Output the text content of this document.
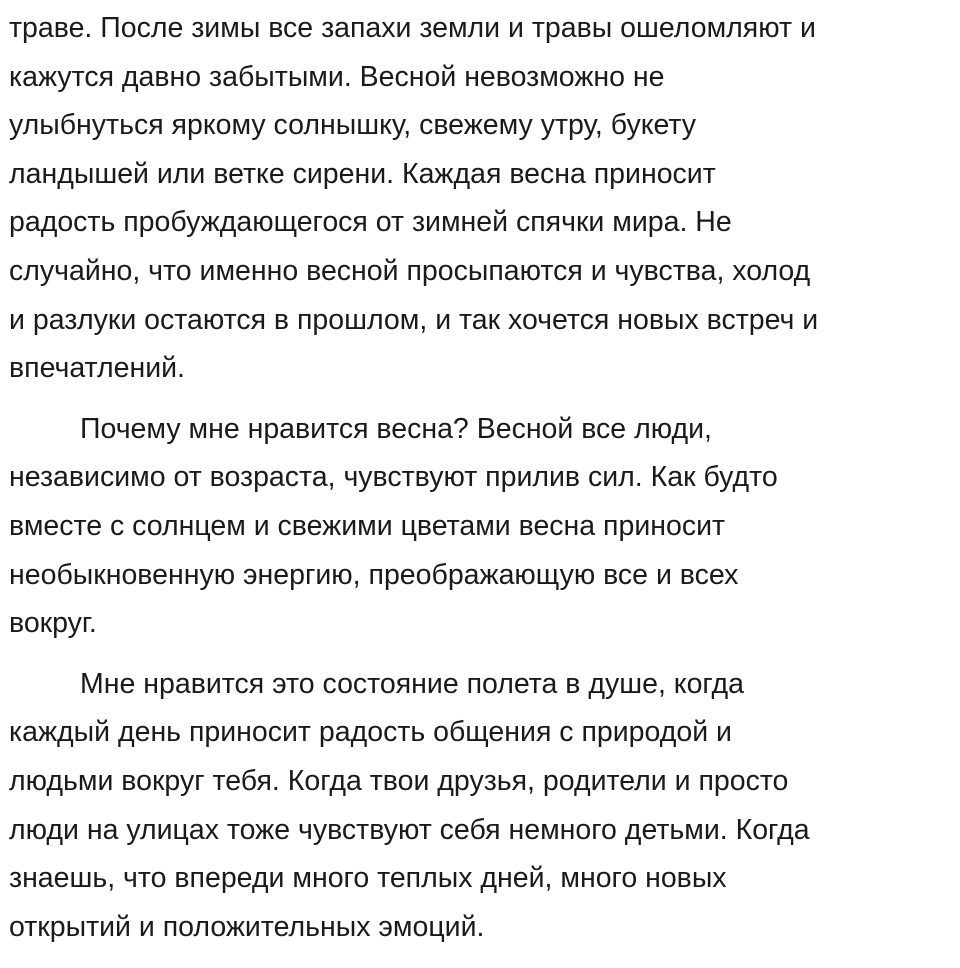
траве. После зимы все запахи земли и травы ошеломляют и
кажутся давно забытыми. Весной невозможно не
улыбнуться яркому солнышку, свежему утру, букету
ландышей или ветке сирени. Каждая весна приносит
радость пробуждающегося от зимней спячки мира. Не
случайно, что именно весной просыпаются и чувства, холод
и разлуки остаются в прошлом, и так хочется новых встреч и
впечатлений.
Почему мне нравится весна? Весной все люди,
независимо от возраста, чувствуют прилив сил. Как будто
вместе с солнцем и свежими цветами весна приносит
необыкновенную энергию, преображающую все и всех
вокруг.
Мне нравится это состояние полета в душе, когда
каждый день приносит радость общения с природой и
людьми вокруг тебя. Когда твои друзья, родители и просто
люди на улицах тоже чувствуют себя немного детьми. Когда
знаешь, что впереди много теплых дней, много новых
открытий и положительных эмоций.
